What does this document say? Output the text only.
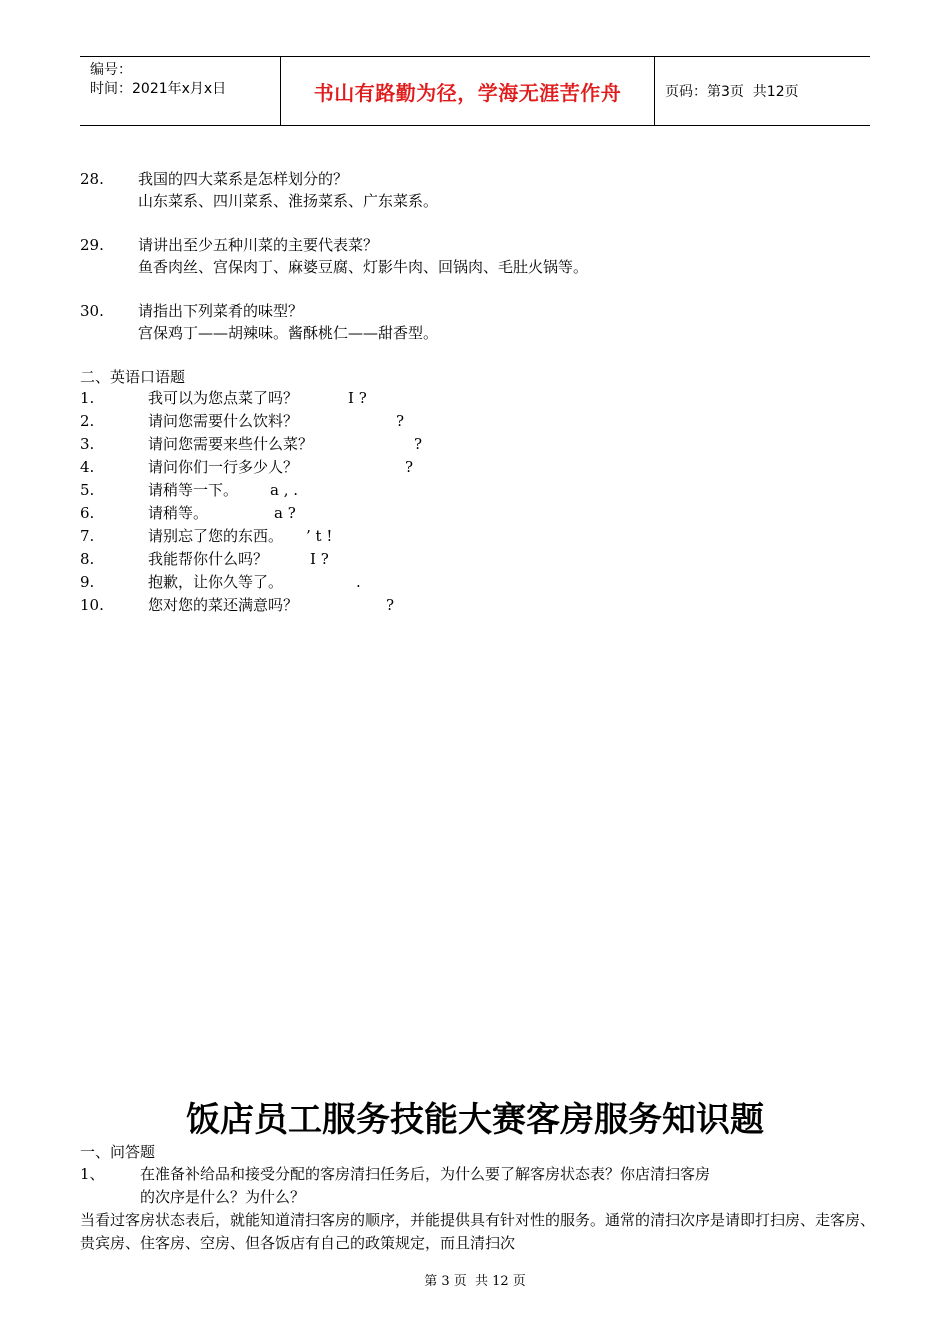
编号：
时间：2021年x月x日	书山有路勤为径，学海无涯苦作舟	页码：第3页  共12页
28. 我国的四大菜系是怎样划分的？
山东菜系、四川菜系、淮扬菜系、广东菜系。
29. 请讲出至少五种川菜的主要代表菜？
鱼香肉丝、宫保肉丁、麻婆豆腐、灯影牛肉、回锅肉、毛肚火锅等。
30. 请指出下列菜肴的味型？
宫保鸡丁——胡辣味。酱酥桃仁——甜香型。
二、英语口语题
1.	我可以为您点菜了吗？	I ?
2.	请问您需要什么饮料？	?
3.	请问您需要来些什么菜？	?
4.	请问你们一行多少人？	?
5.	请稍等一下。 a , .
6.	请稍等。	a ?
7.	请别忘了您的东西。 ’ t !
8.	我能帮你什么吗？	I ?
9.	抱歉，让你久等了。	.
10.	您对您的菜还满意吗？	?
饭店员工服务技能大赛客房服务知识题
一、问答题
1、 在准备补给品和接受分配的客房清扫任务后，为什么要了解客房状态表？你店清扫客房
的次序是什么？为什么？
当看过客房状态表后，就能知道清扫客房的顺序，并能提供具有针对性的服务。通常的清扫次序是请即打扫房、走客房、贵宾房、住客房、空房、但各饭店有自己的政策规定，而且清扫次
第 3 页  共 12 页
